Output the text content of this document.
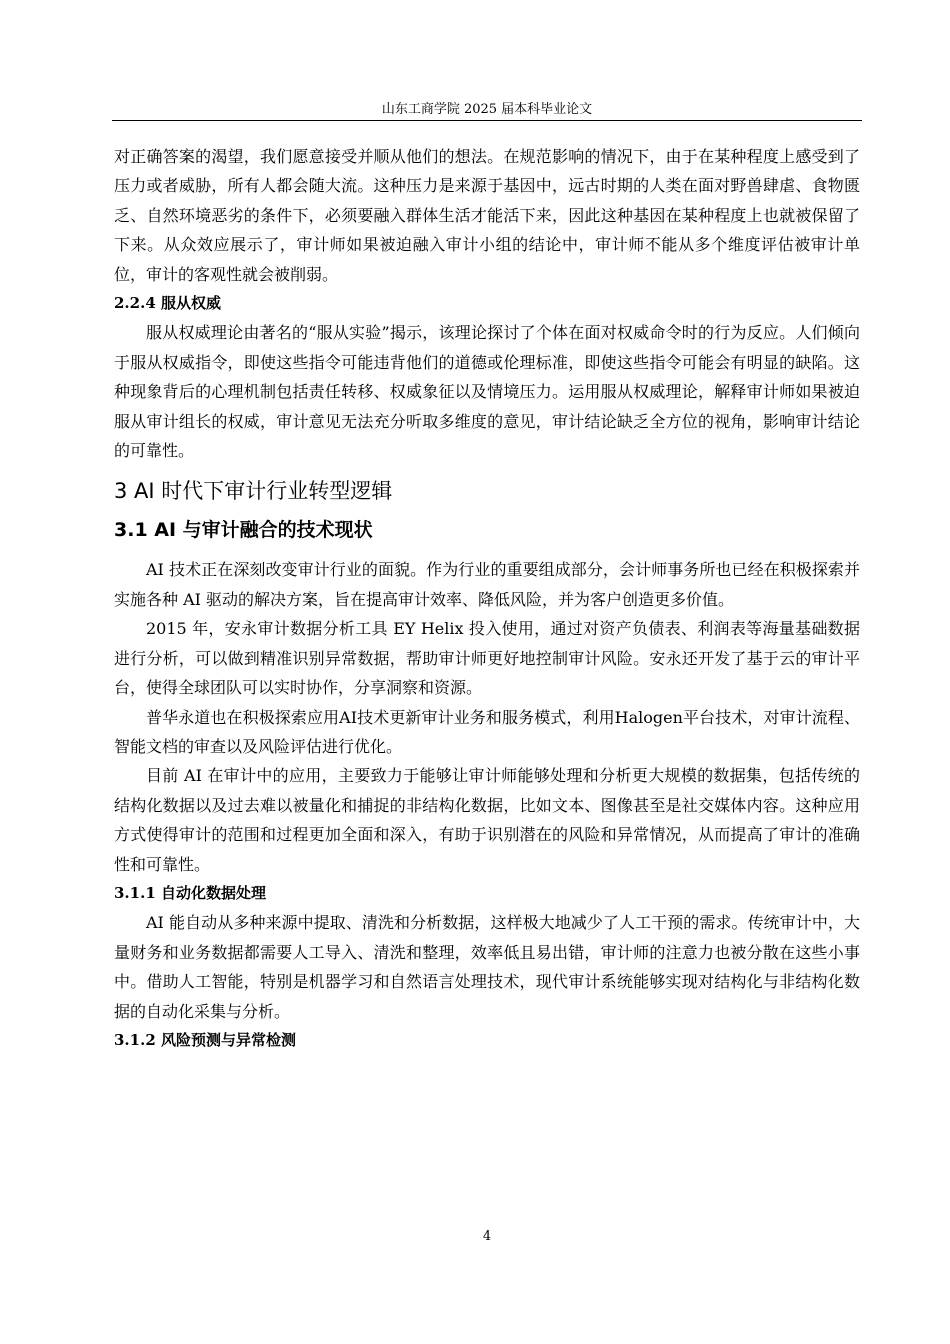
山东工商学院 2025 届本科毕业论文

对正确答案的渴望，我们愿意接受并顺从他们的想法。在规范影响的情况下，由于在某种程度上感受到了压力或者威胁，所有人都会随大流。这种压力是来源于基因中，远古时期的人类在面对野兽肆虐、食物匮乏、自然环境恶劣的条件下，必须要融入群体生活才能活下来，因此这种基因在某种程度上也就被保留了下来。从众效应展示了，审计师如果被迫融入审计小组的结论中，审计师不能从多个维度评估被审计单位，审计的客观性就会被削弱。

2.2.4 服从权威

服从权威理论由著名的“服从实验”揭示，该理论探讨了个体在面对权威命令时的行为反应。人们倾向于服从权威指令，即使这些指令可能违背他们的道德或伦理标准，即使这些指令可能会有明显的缺陷。这种现象背后的心理机制包括责任转移、权威象征以及情境压力。运用服从权威理论，解释审计师如果被迫服从审计组长的权威，审计意见无法充分听取多维度的意见，审计结论缺乏全方位的视角，影响审计结论的可靠性。

3 AI 时代下审计行业转型逻辑
3.1 AI 与审计融合的技术现状

AI 技术正在深刻改变审计行业的面貌。作为行业的重要组成部分，会计师事务所也已经在积极探索并实施各种 AI 驱动的解决方案，旨在提高审计效率、降低风险，并为客户创造更多价值。

2015 年，安永审计数据分析工具 EY Helix 投入使用，通过对资产负债表、利润表等海量基础数据进行分析，可以做到精准识别异常数据，帮助审计师更好地控制审计风险。安永还开发了基于云的审计平台，使得全球团队可以实时协作，分享洞察和资源。

普华永道也在积极探索应用AI技术更新审计业务和服务模式，利用Halogen平台技术，对审计流程、智能文档的审查以及风险评估进行优化。

目前 AI 在审计中的应用，主要致力于能够让审计师能够处理和分析更大规模的数据集，包括传统的结构化数据以及过去难以被量化和捕捉的非结构化数据，比如文本、图像甚至是社交媒体内容。这种应用方式使得审计的范围和过程更加全面和深入，有助于识别潜在的风险和异常情况，从而提高了审计的准确性和可靠性。

3.1.1 自动化数据处理

AI 能自动从多种来源中提取、清洗和分析数据，这样极大地减少了人工干预的需求。传统审计中，大量财务和业务数据都需要人工导入、清洗和整理，效率低且易出错，审计师的注意力也被分散在这些小事中。借助人工智能，特别是机器学习和自然语言处理技术，现代审计系统能够实现对结构化与非结构化数据的自动化采集与分析。

3.1.2 风险预测与异常检测
4
